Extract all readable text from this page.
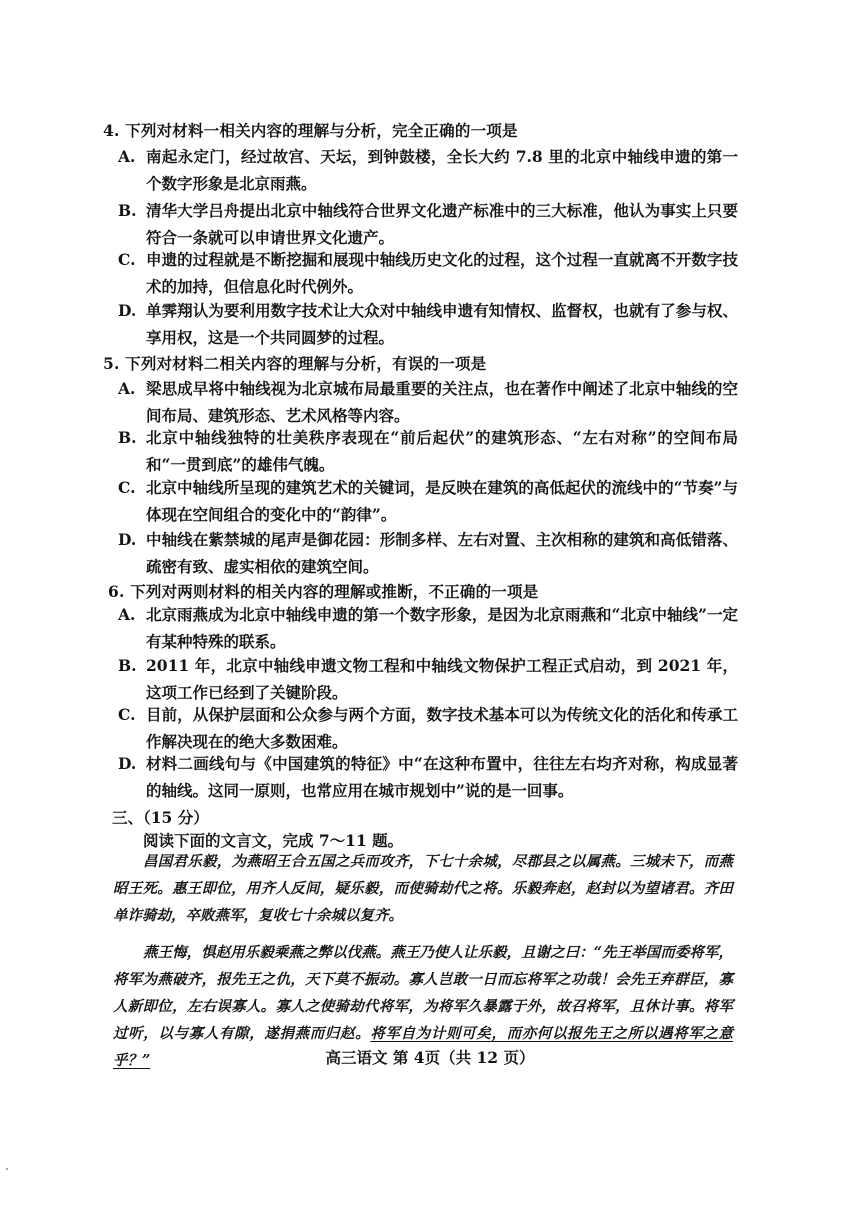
4. 下列对材料一相关内容的理解与分析，完全正确的一项是
A. 南起永定门，经过故宫、天坛，到钟鼓楼，全长大约 7.8 里的北京中轴线申遗的第一个数字形象是北京雨燕。
B. 清华大学吕舟提出北京中轴线符合世界文化遗产标准中的三大标准，他认为事实上只要符合一条就可以申请世界文化遗产。
C. 申遗的过程就是不断挖掘和展现中轴线历史文化的过程，这个过程一直就离不开数字技术的加持，但信息化时代例外。
D. 单霁翔认为要利用数字技术让大众对中轴线申遗有知情权、监督权，也就有了参与权、享用权，这是一个共同圆梦的过程。
5. 下列对材料二相关内容的理解与分析，有误的一项是
A. 梁思成早将中轴线视为北京城布局最重要的关注点，也在著作中阐述了北京中轴线的空间布局、建筑形态、艺术风格等内容。
B. 北京中轴线独特的壮美秩序表现在“前后起伏”的建筑形态、“左右对称”的空间布局和“一贯到底”的雄伟气魄。
C. 北京中轴线所呈现的建筑艺术的关键词，是反映在建筑的高低起伏的流线中的“节奏”与体现在空间组合的变化中的“韵律”。
D. 中轴线在紫禁城的尾声是御花园：形制多样、左右对置、主次相称的建筑和高低错落、疏密有致、虚实相依的建筑空间。
6. 下列对两则材料的相关内容的理解或推断，不正确的一项是
A. 北京雨燕成为北京中轴线申遗的第一个数字形象，是因为北京雨燕和“北京中轴线”一定有某种特殊的联系。
B. 2011 年，北京中轴线申遗文物工程和中轴线文物保护工程正式启动，到 2021 年，这项工作已经到了关键阶段。
C. 目前，从保护层面和公众参与两个方面，数字技术基本可以为传统文化的活化和传承工作解决现在的绝大多数困难。
D. 材料二画线句与《中国建筑的特征》中“在这种布置中，往往左右均齐对称，构成显著的轴线。这同一原则，也常应用在城市规划中”说的是一回事。
三、（15 分）
阅读下面的文言文，完成 7～11 题。
昌国君乐毅，为燕昭王合五国之兵而攻齐，下七十余城，尽郡县之以属燕。三城未下，而燕昭王死。惠王即位，用齐人反间，疑乐毅，而使骑劫代之将。乐毅奔赵，赵封以为望诸君。齐田单诈骑劫，卒败燕军，复收七十余城以复齐。
燕王悔，惧赵用乐毅乘燕之弊以伐燕。燕王乃使人让乐毅，且谢之曰：“先王举国而委将军，将军为燕破齐，报先王之仇，天下莫不振动。寡人岂敢一日而忘将军之功哉！会先王弃群臣，寡人新即位，左右误寡人。寡人之使骑劫代将军，为将军久暴露于外，故召将军，且休计事。将军过听，以与寡人有隙，遂捐燕而归赵。将军自为计则可矣，而亦何以报先王之所以遇将军之意乎？”	高三语文 第 4页（共 12 页）
